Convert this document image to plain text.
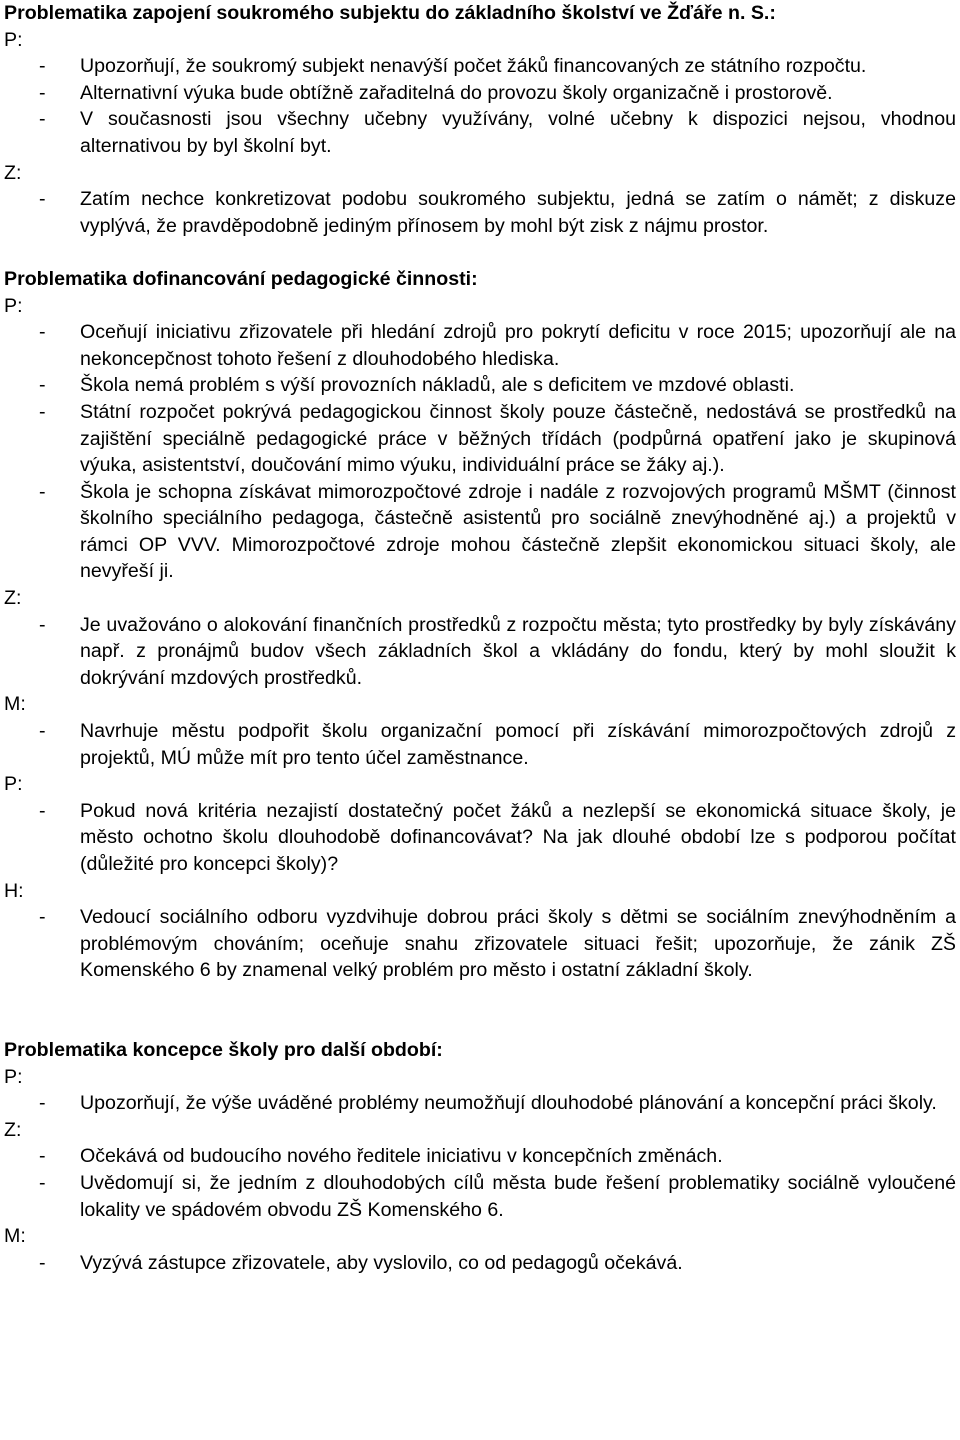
Problematika zapojení soukromého subjektu do základního školství ve Žďáře n. S.:
P:
- Upozorňují, že soukromý subjekt nenavýší počet žáků financovaných ze státního rozpočtu.
- Alternativní výuka bude obtížně zařaditelná do provozu školy organizačně i prostorově.
- V současnosti jsou všechny učebny využívány, volné učebny k dispozici nejsou, vhodnou alternativou by byl školní byt.
Z:
- Zatím nechce konkretizovat podobu soukromého subjektu, jedná se zatím o námět; z diskuze vyplývá, že pravděpodobně jediným přínosem by mohl být zisk z nájmu prostor.
Problematika dofinancování pedagogické činnosti:
P:
- Oceňují iniciativu zřizovatele při hledání zdrojů pro pokrytí deficitu v roce 2015; upozorňují ale na nekoncepčnost tohoto řešení z dlouhodobého hlediska.
- Škola nemá problém s výší provozních nákladů, ale s deficitem ve mzdové oblasti.
- Státní rozpočet pokrývá pedagogickou činnost školy pouze částečně, nedostává se prostředků na zajištění speciálně pedagogické práce v běžných třídách (podpůrná opatření jako je skupinová výuka, asistentství, doučování mimo výuku, individuální práce se žáky aj.).
- Škola je schopna získávat mimorozpočtové zdroje i nadále z rozvojových programů MŠMT (činnost školního speciálního pedagoga, částečně asistentů pro sociálně znevýhodněné aj.) a projektů v rámci OP VVV. Mimorozpočtové zdroje mohou částečně zlepšit ekonomickou situaci školy, ale nevyřeší ji.
Z:
- Je uvažováno o alokování finančních prostředků z rozpočtu města; tyto prostředky by byly získávány např. z pronájmů budov všech základních škol a vkládány do fondu, který by mohl sloužit k dokrývání mzdových prostředků.
M:
- Navrhuje městu podpořit školu organizační pomocí při získávání mimorozpočtových zdrojů z projektů, MÚ může mít pro tento účel zaměstnance.
P:
- Pokud nová kritéria nezajistí dostatečný počet žáků a nezlepší se ekonomická situace školy, je město ochotno školu dlouhodobě dofinancovávat? Na jak dlouhé období lze s podporou počítat (důležité pro koncepci školy)?
H:
- Vedoucí sociálního odboru vyzdvihuje dobrou práci školy s dětmi se sociálním znevýhodněním a problémovým chováním; oceňuje snahu zřizovatele situaci řešit; upozorňuje, že zánik ZŠ Komenského 6 by znamenal velký problém pro město i ostatní základní školy.
Problematika koncepce školy pro další období:
P:
- Upozorňují, že výše uváděné problémy neumožňují dlouhodobé plánování a koncepční práci školy.
Z:
- Očekává od budoucího nového ředitele iniciativu v koncepčních změnách.
- Uvědomují si, že jedním z dlouhodobých cílů města bude řešení problematiky sociálně vyloučené lokality ve spádovém obvodu ZŠ Komenského 6.
M:
- Vyzývá zástupce zřizovatele, aby vyslovilo, co od pedagogů očekává.
